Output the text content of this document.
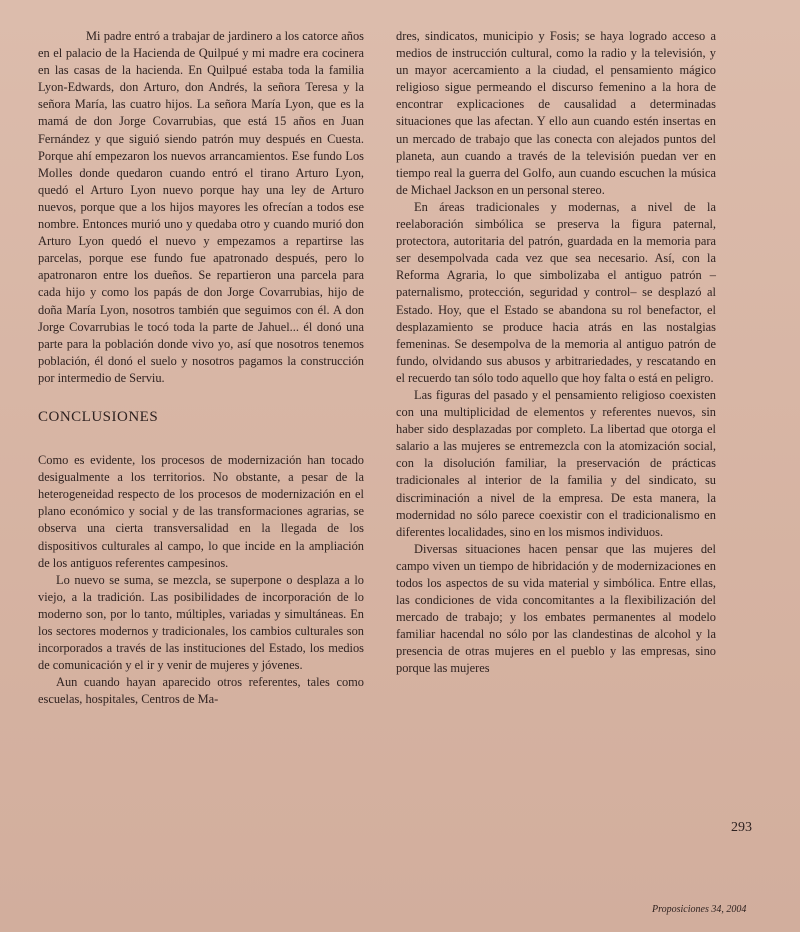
Mi padre entró a trabajar de jardinero a los catorce años en el palacio de la Hacienda de Quilpué y mi madre era cocinera en las casas de la hacienda. En Quilpué estaba toda la familia Lyon-Edwards, don Arturo, don Andrés, la señora Teresa y la señora María, las cuatro hijos. La señora María Lyon, que es la mamá de don Jorge Covarrubias, que está 15 años en Juan Fernández y que siguió siendo patrón muy después en Cuesta. Porque ahí empezaron los nuevos arrancamientos. Ese fundo Los Molles donde quedaron cuando entró el tirano Arturo Lyon, quedó el Arturo Lyon nuevo porque hay una ley de Arturo nuevos, porque que a los hijos mayores les ofrecían a todos ese nombre. Entonces murió uno y quedaba otro y cuando murió don Arturo Lyon quedó el nuevo y empezamos a repartirse las parcelas, porque ese fundo fue apatronado después, pero lo apatronaron entre los dueños. Se repartieron una parcela para cada hijo y como los papás de don Jorge Covarrubias, hijo de doña María Lyon, nosotros también que seguimos con él. A don Jorge Covarrubias le tocó toda la parte de Jahuel... él donó una parte para la población donde vivo yo, así que nosotros tenemos población, él donó el suelo y nosotros pagamos la construcción por intermedio de Serviu.

CONCLUSIONES

Como es evidente, los procesos de modernización han tocado desigualmente a los territorios. No obstante, a pesar de la heterogeneidad respecto de los procesos de modernización en el plano económico y social y de las transformaciones agrarias, se observa una cierta transversalidad en la llegada de los dispositivos culturales al campo, lo que incide en la ampliación de los antiguos referentes campesinos.

Lo nuevo se suma, se mezcla, se superpone o desplaza a lo viejo, a la tradición. Las posibilidades de incorporación de lo moderno son, por lo tanto, múltiples, variadas y simultáneas. En los sectores modernos y tradicionales, los cambios culturales son incorporados a través de las instituciones del Estado, los medios de comunicación y el ir y venir de mujeres y jóvenes.

Aun cuando hayan aparecido otros referentes, tales como escuelas, hospitales, Centros de Ma-

dres, sindicatos, municipio y Fosis; se haya logrado acceso a medios de instrucción cultural, como la radio y la televisión, y un mayor acercamiento a la ciudad, el pensamiento mágico religioso sigue permeando el discurso femenino a la hora de encontrar explicaciones de causalidad a determinadas situaciones que las afectan. Y ello aun cuando estén insertas en un mercado de trabajo que las conecta con alejados puntos del planeta, aun cuando a través de la televisión puedan ver en tiempo real la guerra del Golfo, aun cuando escuchen la música de Michael Jackson en un personal stereo.

En áreas tradicionales y modernas, a nivel de la reelaboración simbólica se preserva la figura paternal, protectora, autoritaria del patrón, guardada en la memoria para ser desempolvada cada vez que sea necesario. Así, con la Reforma Agraria, lo que simbolizaba el antiguo patrón –paternalismo, protección, seguridad y control– se desplazó al Estado. Hoy, que el Estado se abandona su rol benefactor, el desplazamiento se produce hacia atrás en las nostalgias femeninas. Se desempolva de la memoria al antiguo patrón de fundo, olvidando sus abusos y arbitrariedades, y rescatando en el recuerdo tan sólo todo aquello que hoy falta o está en peligro.

Las figuras del pasado y el pensamiento religioso coexisten con una multiplicidad de elementos y referentes nuevos, sin haber sido desplazadas por completo. La libertad que otorga el salario a las mujeres se entremezcla con la atomización social, con la disolución familiar, la preservación de prácticas tradicionales al interior de la familia y del sindicato, su discriminación a nivel de la empresa. De esta manera, la modernidad no sólo parece coexistir con el tradicionalismo en diferentes localidades, sino en los mismos individuos.

Diversas situaciones hacen pensar que las mujeres del campo viven un tiempo de hibridación y de modernizaciones en todos los aspectos de su vida material y simbólica. Entre ellas, las condiciones de vida concomitantes a la flexibilización del mercado de trabajo; y los embates permanentes al modelo familiar hacendal no sólo por las clandestinas de alcohol y la presencia de otras mujeres en el pueblo y las empresas, sino porque las mujeres

293
Proposiciones 34, 2004
